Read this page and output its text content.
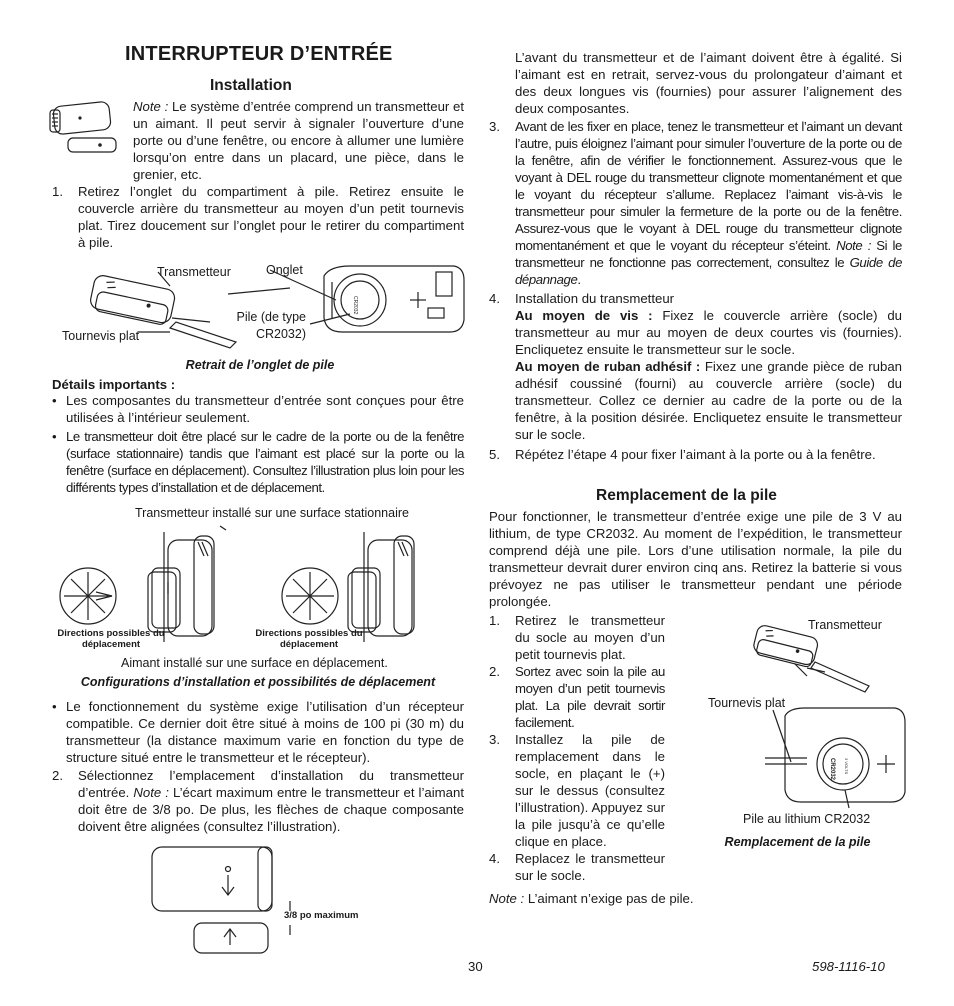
INTERRUPTEUR D’ENTRÉE
Installation
Note : Le système d’entrée comprend un transmetteur et un aimant. Il peut servir à signaler l’ouverture d’une porte ou d’une fenêtre, ou encore à allumer une lumière lorsqu’on entre dans un placard, une pièce, dans le grenier, etc.
1.	Retirez l’onglet du compartiment à pile. Retirez ensuite le couvercle arrière du transmetteur au moyen d’un petit tournevis plat. Tirez doucement sur l’onglet pour le retirer du compartiment à pile.
Transmetteur	Onglet
Pile (de type CR2032)
Tournevis plat
CR2032
Retrait de l’onglet de pile
Détails importants :
• Les composantes du transmetteur d’entrée sont conçues pour être utilisées à l’intérieur seulement.
• Le transmetteur doit être placé sur le cadre de la porte ou de la fenêtre (surface stationnaire) tandis que l’aimant est placé sur la porte ou la fenêtre (surface en déplacement). Consultez l’illustration plus loin pour les différents types d’installation et de déplacement.
Transmetteur installé sur une surface stationnaire
Directions possibles du déplacement
Directions possibles du déplacement
Aimant installé sur une surface en déplacement.
Configurations d’installation et possibilités de déplacement
• Le fonctionnement du système exige l’utilisation d’un récepteur compatible. Ce dernier doit être situé à moins de 100 pi (30 m) du transmetteur (la distance maximum varie en fonction du type de structure situé entre le transmetteur et le récepteur).
2.	Sélectionnez l’emplacement d’installation du transmetteur d’entrée. Note : L’écart maximum entre le transmetteur et l’aimant doit être de 3/8 po. De plus, les flèches de chaque composante doivent être alignées (consultez l’illustration).
3/8 po maximum
L’avant du transmetteur et de l’aimant doivent être à égalité. Si l’aimant est en retrait, servez-vous du prolongateur d’aimant et des deux longues vis (fournies) pour assurer l’alignement des deux composantes.
3.	Avant de les fixer en place, tenez le transmetteur et l’aimant un devant l’autre, puis éloignez l’aimant pour simuler l’ouverture de la porte ou de la fenêtre, afin de vérifier le fonctionnement. Assurez-vous que le voyant à DEL rouge du transmetteur clignote momentanément et que le voyant du récepteur s’allume. Replacez l’aimant vis-à-vis le transmetteur pour simuler la fermeture de la porte ou de la fenêtre. Assurez-vous que le voyant à DEL rouge du transmetteur clignote momentanément et que le voyant du récepteur s’éteint. Note : Si le transmetteur ne fonctionne pas correctement, consultez le Guide de dépannage.
4.	Installation du transmetteur
Au moyen de vis : Fixez le couvercle arrière (socle) du transmetteur au mur au moyen de deux courtes vis (fournies). Encliquetez ensuite le transmetteur sur le socle.
Au moyen de ruban adhésif : Fixez une grande pièce de ruban adhésif coussiné (fourni) au couvercle arrière (socle) du transmetteur. Collez ce dernier au cadre de la porte ou de la fenêtre, à la position désirée. Encliquetez ensuite le transmetteur sur le socle.
5.	Répétez l’étape 4 pour fixer l’aimant à la porte ou à la fenêtre.
Remplacement de la pile
Pour fonctionner, le transmetteur d’entrée exige une pile de 3 V au lithium, de type CR2032. Au moment de l’expédition, le transmetteur comprend déjà une pile. Lors d’une utilisation normale, la pile du transmetteur devrait durer environ cinq ans. Retirez la batterie si vous prévoyez ne pas utiliser le transmetteur pendant une période prolongée.
1.	Retirez le transmetteur du socle au moyen d’un petit tournevis plat.
2.	Sortez avec soin la pile au moyen d’un petit tournevis plat. La pile devrait sortir facilement.
3.	Installez la pile de remplacement dans le socle, en plaçant le (+) sur le dessus (consultez l’illustration). Appuyez sur la pile jusqu’à ce qu’elle clique en place.
4.	Replacez le transmetteur sur le socle.
Note : L’aimant n’exige pas de pile.
Transmetteur
Tournevis plat
Pile au lithium CR2032
CR2032 3 VOLTS
Remplacement de la pile
30	598-1116-10
